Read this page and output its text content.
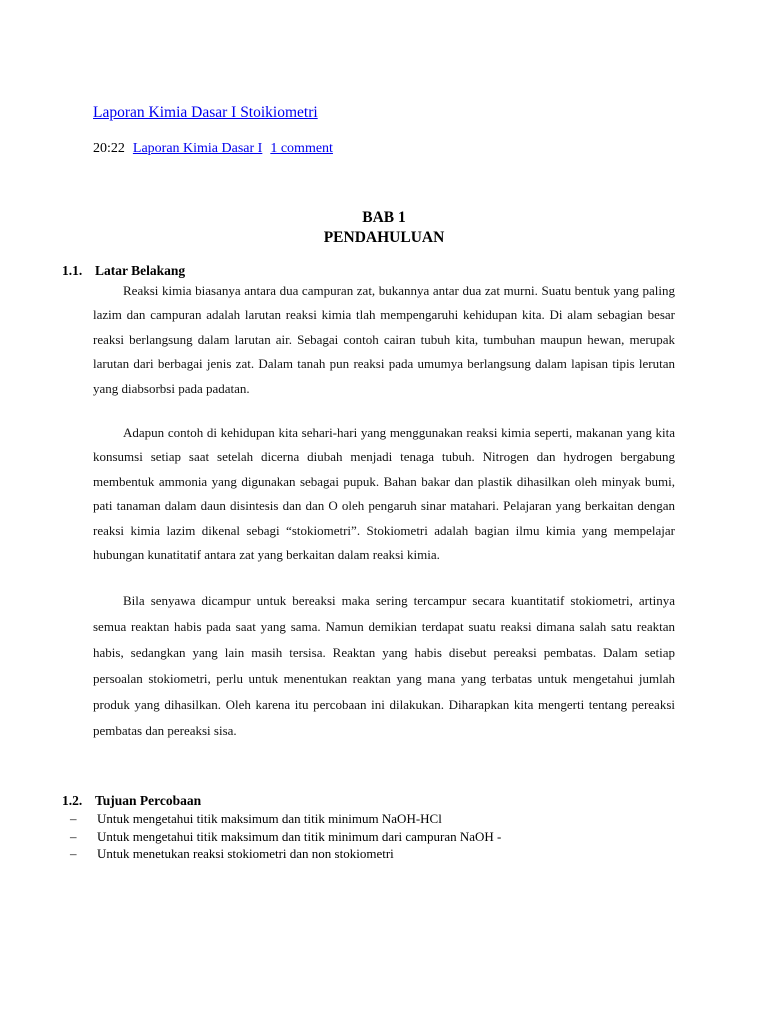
Laporan Kimia Dasar I Stoikiometri
20:22 Laporan Kimia Dasar I 1 comment
BAB 1
PENDAHULUAN
1.1. Latar Belakang

Reaksi kimia biasanya antara dua campuran zat, bukannya antar dua zat murni. Suatu bentuk yang paling lazim dan campuran adalah larutan reaksi kimia tlah mempengaruhi kehidupan kita. Di alam sebagian besar reaksi berlangsung dalam larutan air. Sebagai contoh cairan tubuh kita, tumbuhan maupun hewan, merupak larutan dari berbagai jenis zat. Dalam tanah pun reaksi pada umumya berlangsung dalam lapisan tipis lerutan yang diabsorbsi pada padatan.

Adapun contoh di kehidupan kita sehari-hari yang menggunakan reaksi kimia seperti, makanan yang kita konsumsi setiap saat setelah dicerna diubah menjadi tenaga tubuh. Nitrogen dan hydrogen bergabung membentuk ammonia yang digunakan sebagai pupuk. Bahan bakar dan plastik dihasilkan oleh minyak bumi, pati tanaman dalam daun disintesis dan dan O oleh pengaruh sinar matahari. Pelajaran yang berkaitan dengan reaksi kimia lazim dikenal sebagi “stokiometri”. Stokiometri adalah bagian ilmu kimia yang mempelajar hubungan kunatitatif antara zat yang berkaitan dalam reaksi kimia.

Bila senyawa dicampur untuk bereaksi maka sering tercampur secara kuantitatif stokiometri, artinya semua reaktan habis pada saat yang sama. Namun demikian terdapat suatu reaksi dimana salah satu reaktan habis, sedangkan yang lain masih tersisa. Reaktan yang habis disebut pereaksi pembatas. Dalam setiap persoalan stokiometri, perlu untuk menentukan reaktan yang mana yang terbatas untuk mengetahui jumlah produk yang dihasilkan. Oleh karena itu percobaan ini dilakukan. Diharapkan kita mengerti tentang pereaksi pembatas dan pereaksi sisa.

1.2. Tujuan Percobaan
– Untuk mengetahui titik maksimum dan titik minimum NaOH-HCl
– Untuk mengetahui titik maksimum dan titik minimum dari campuran NaOH -
– Untuk menetukan reaksi stokiometri dan non stokiometri
